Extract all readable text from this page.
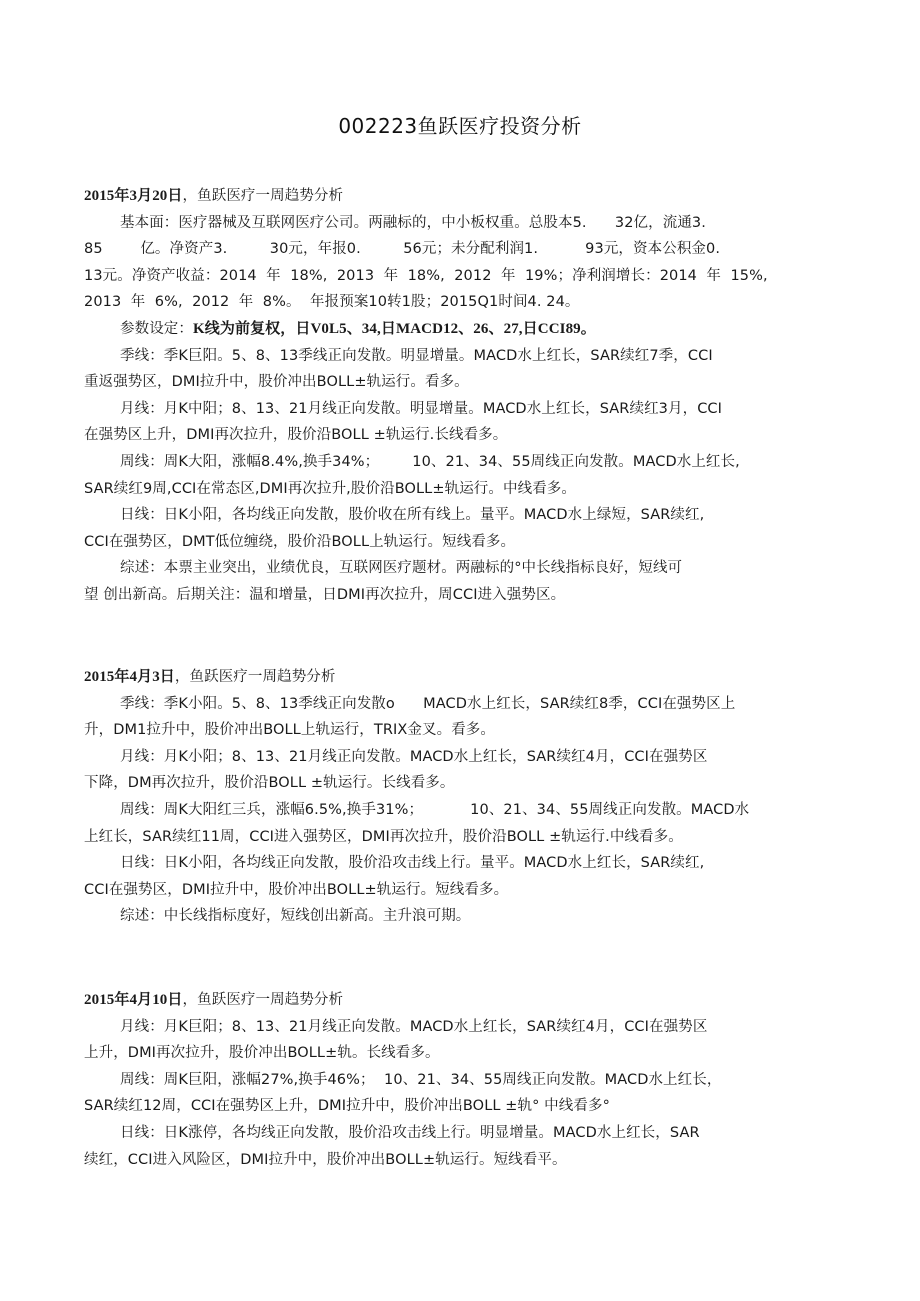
002223鱼跃医疗投资分析
2015年3月20日，鱼跃医疗一周趋势分析
基本面：医疗器械及互联网医疗公司。两融标的，中小板权重。总股本5.      32亿，流通3.
85        亿。净资产3.         30元，年报0.         56元；未分配利润1.          93元，资本公积金0.
13元。净资产收益：2014  年  18%,  2013  年  18%,  2012  年  19%；净利润增长：2014  年  15%,
2013  年  6%,  2012  年  8%。  年报预案10转1股；2015Q1时间4. 24。
参数设定：K线为前复权，日V0L5、34,日MACD12、26、27,日CCI89。
季线：季K巨阳。5、8、13季线正向发散。明显增量。MACD水上红长，SAR续红7季，CCI
重返强势区，DMI拉升中，股价冲出BOLL±轨运行。看多。
月线：月K中阳；8、13、21月线正向发散。明显增量。MACD水上红长，SAR续红3月，CCI
在强势区上升，DMI再次拉升，股价沿BOLL ±轨运行.长线看多。
周线：周K大阳，涨幅8.4%,换手34%；       10、21、34、55周线正向发散。MACD水上红长,
SAR续红9周,CCI在常态区,DMI再次拉升,股价沿BOLL±轨运行。中线看多。
日线：日K小阳，各均线正向发散，股价收在所有线上。量平。MACD水上绿短，SAR续红,
CCI在强势区，DMT低位缠绕，股价沿BOLL上轨运行。短线看多。
综述：本票主业突出，业绩优良，互联网医疗题材。两融标的°中长线指标良好，短线可
望 创出新高。后期关注：温和增量，日DMI再次拉升，周CCI进入强势区。
2015年4月3日，鱼跃医疗一周趋势分析
季线：季K小阳。5、8、13季线正向发散o      MACD水上红长，SAR续红8季，CCI在强势区上
升，DM1拉升中，股价冲出BOLL上轨运行，TRIX金叉。看多。
月线：月K小阳；8、13、21月线正向发散。MACD水上红长，SAR续红4月，CCI在强势区
下降，DM再次拉升，股价沿BOLL ±轨运行。长线看多。
周线：周K大阳红三兵，涨幅6.5%,换手31%；          10、21、34、55周线正向发散。MACD水
上红长，SAR续红11周，CCI进入强势区，DMI再次拉升，股价沿BOLL ±轨运行.中线看多。
日线：日K小阳，各均线正向发散，股价沿攻击线上行。量平。MACD水上红长，SAR续红,
CCI在强势区，DMI拉升中，股价冲出BOLL±轨运行。短线看多。
综述：中长线指标度好，短线创出新高。主升浪可期。
2015年4月10日，鱼跃医疗一周趋势分析
月线：月K巨阳；8、13、21月线正向发散。MACD水上红长，SAR续红4月，CCI在强势区
上升，DMI再次拉升，股价冲出BOLL±轨。长线看多。
周线：周K巨阳，涨幅27%,换手46%；  10、21、34、55周线正向发散。MACD水上红长，
SAR续红12周，CCI在强势区上升，DMI拉升中，股价冲出BOLL ±轨° 中线看多°
日线：日K涨停，各均线正向发散，股价沿攻击线上行。明显增量。MACD水上红长，SAR
续红，CCI进入风险区，DMI拉升中，股价冲出BOLL±轨运行。短线看平。
